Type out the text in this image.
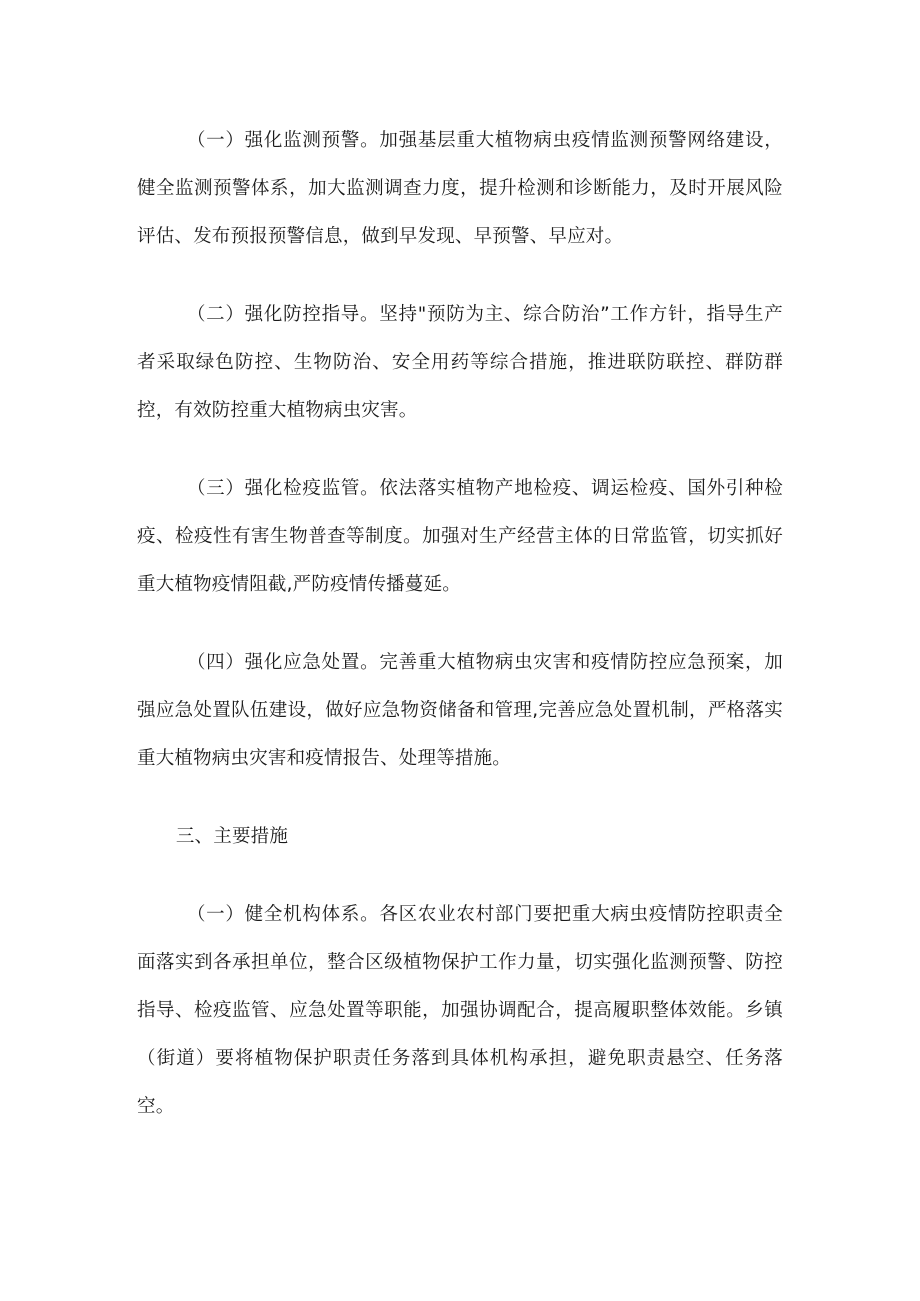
（一）强化监测预警。加强基层重大植物病虫疫情监测预警网络建设，健全监测预警体系，加大监测调查力度，提升检测和诊断能力，及时开展风险评估、发布预报预警信息，做到早发现、早预警、早应对。

（二）强化防控指导。坚持"预防为主、综合防治”工作方针，指导生产者采取绿色防控、生物防治、安全用药等综合措施，推进联防联控、群防群控，有效防控重大植物病虫灾害。

（三）强化检疫监管。依法落实植物产地检疫、调运检疫、国外引种检疫、检疫性有害生物普查等制度。加强对生产经营主体的日常监管，切实抓好重大植物疫情阻截,严防疫情传播蔓延。

（四）强化应急处置。完善重大植物病虫灾害和疫情防控应急预案，加强应急处置队伍建设，做好应急物资储备和管理,完善应急处置机制，严格落实重大植物病虫灾害和疫情报告、处理等措施。

三、主要措施

（一）健全机构体系。各区农业农村部门要把重大病虫疫情防控职责全面落实到各承担单位，整合区级植物保护工作力量，切实强化监测预警、防控指导、检疫监管、应急处置等职能，加强协调配合，提高履职整体效能。乡镇（街道）要将植物保护职责任务落到具体机构承担，避免职责悬空、任务落空。
